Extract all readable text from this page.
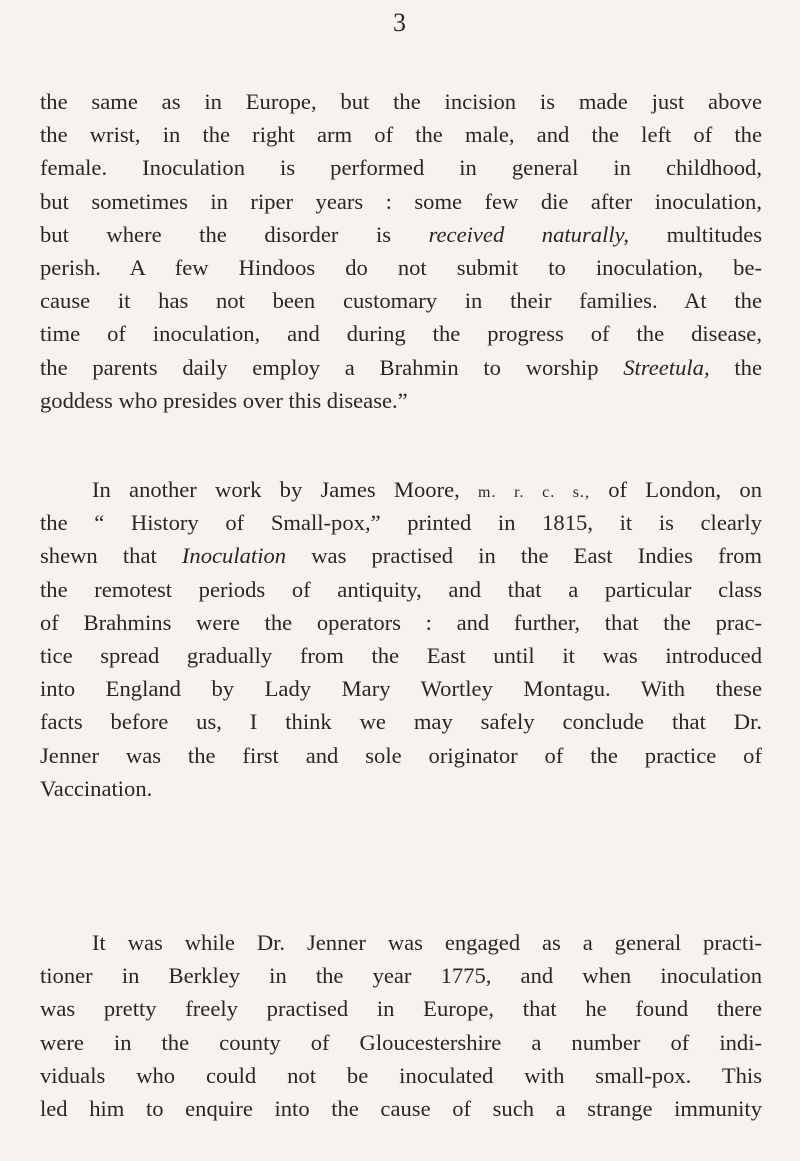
3

the same as in Europe, but the incision is made just above
the wrist, in the right arm of the male, and the left of the
female. Inoculation is performed in general in childhood,
but sometimes in riper years : some few die after inoculation,
but where the disorder is received naturally, multitudes
perish. A few Hindoos do not submit to inoculation, be-
cause it has not been customary in their families. At the
time of inoculation, and during the progress of the disease,
the parents daily employ a Brahmin to worship Streetula, the
goddess who presides over this disease.”

In another work by James Moore, m. r. c. s., of London, on
the “ History of Small-pox,” printed in 1815, it is clearly
shewn that Inoculation was practised in the East Indies from
the remotest periods of antiquity, and that a particular class
of Brahmins were the operators : and further, that the prac-
tice spread gradually from the East until it was introduced
into England by Lady Mary Wortley Montagu. With these
facts before us, I think we may safely conclude that Dr.
Jenner was the first and sole originator of the practice of
Vaccination.

It was while Dr. Jenner was engaged as a general practi-
tioner in Berkley in the year 1775, and when inoculation
was pretty freely practised in Europe, that he found there
were in the county of Gloucestershire a number of indi-
viduals who could not be inoculated with small-pox. This
led him to enquire into the cause of such a strange immunity
